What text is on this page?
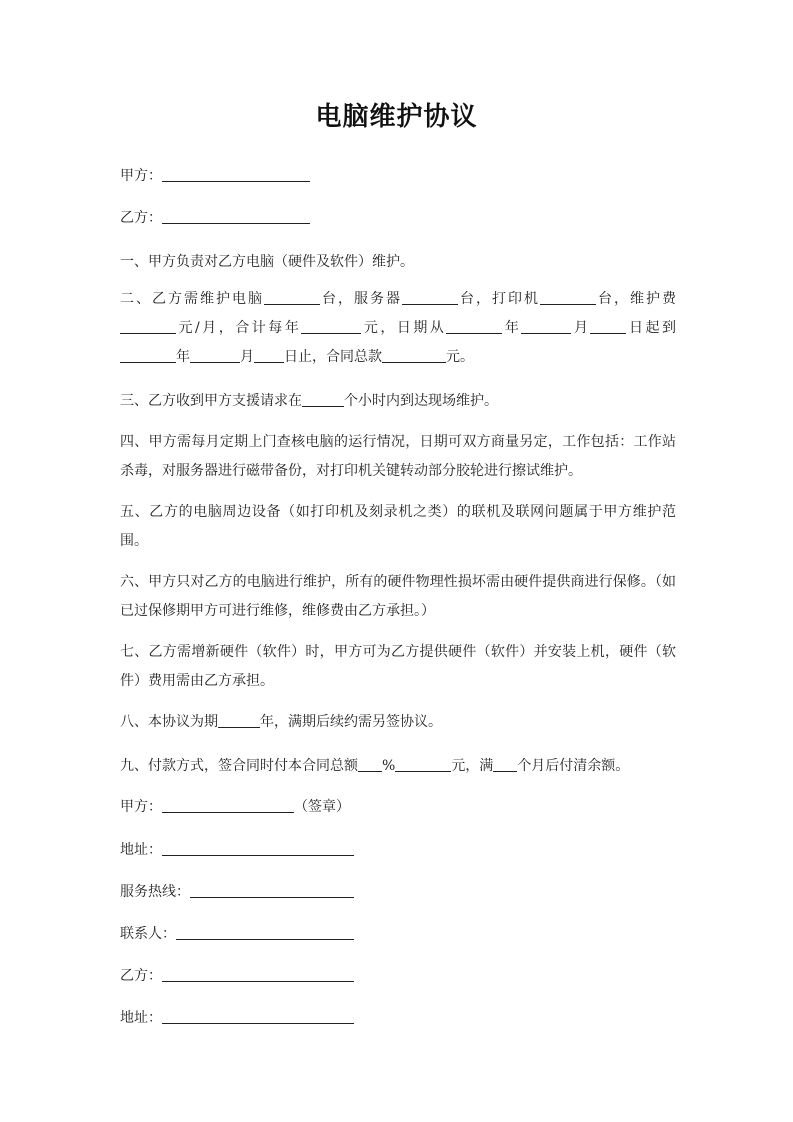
电脑维护协议
甲方：
乙方：
一、甲方负责对乙方电脑（硬件及软件）维护。
二、乙方需维护电脑	台，服务器	台，打印机	台，维护费元/月，合计每年	元，日期从	年	月	日起到年	月 日止，合同总款	元。
三、乙方收到甲方支援请求在	个小时内到达现场维护。
四、甲方需每月定期上门查核电脑的运行情况，日期可双方商量另定，工作包括：工作站杀毒，对服务器进行磁带备份，对打印机关键转动部分胶轮进行擦试维护。
五、乙方的电脑周边设备（如打印机及刻录机之类）的联机及联网问题属于甲方维护范围。
六、甲方只对乙方的电脑进行维护，所有的硬件物理性损坏需由硬件提供商进行保修。（如已过保修期甲方可进行维修，维修费由乙方承担。）
七、乙方需增新硬件（软件）时，甲方可为乙方提供硬件（软件）并安装上机，硬件（软件）费用需由乙方承担。
八、本协议为期	年，满期后续约需另签协议。
九、付款方式，签合同时付本合同总额 %	元，满 个月后付清余额。
甲方：	（签章）
地址：
服务热线：
联系人：
乙方：
地址：
